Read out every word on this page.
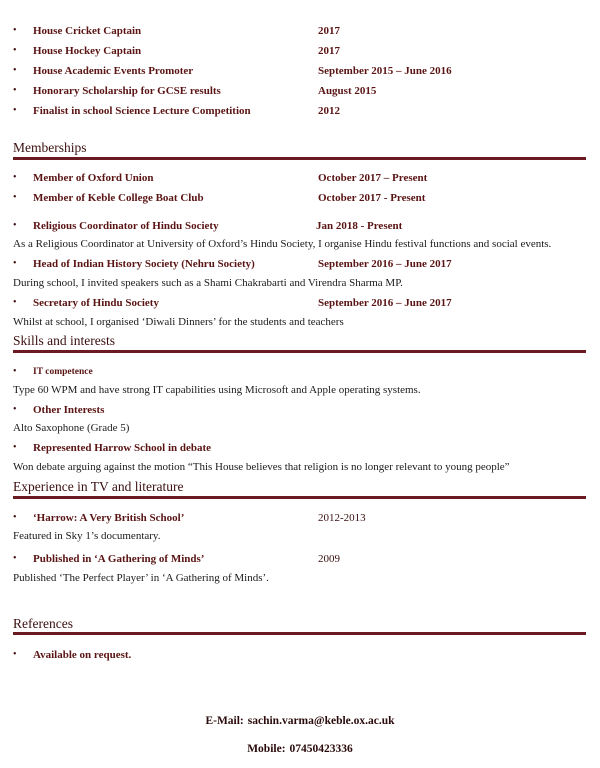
• House Cricket Captain	2017
• House Hockey Captain	2017
• House Academic Events Promoter	September 2015 – June 2016
• Honorary Scholarship for GCSE results	August 2015
• Finalist in school Science Lecture Competition	2012
Memberships
• Member of Oxford Union	October 2017 – Present
• Member of Keble College Boat Club	October 2017 - Present
• Religious Coordinator of Hindu Society	Jan 2018 - Present
As a Religious Coordinator at University of Oxford’s Hindu Society, I organise Hindu festival functions and social events.
• Head of Indian History Society (Nehru Society)	September 2016 – June 2017
During school, I invited speakers such as a Shami Chakrabarti and Virendra Sharma MP.
• Secretary of Hindu Society	September 2016 – June 2017
Whilst at school, I organised ‘Diwali Dinners’ for the students and teachers
Skills and interests
• IT competence
Type 60 WPM and have strong IT capabilities using Microsoft and Apple operating systems.
• Other Interests
Alto Saxophone (Grade 5)
• Represented Harrow School in debate
Won debate arguing against the motion “This House believes that religion is no longer relevant to young people”
Experience in TV and literature
• ‘Harrow: A Very British School’	2012-2013
Featured in Sky 1’s documentary.
• Published in ‘A Gathering of Minds’	2009
Published ‘The Perfect Player’ in ‘A Gathering of Minds’.
References
• Available on request.
E-Mail: sachin.varma@keble.ox.ac.uk
Mobile: 07450423336
